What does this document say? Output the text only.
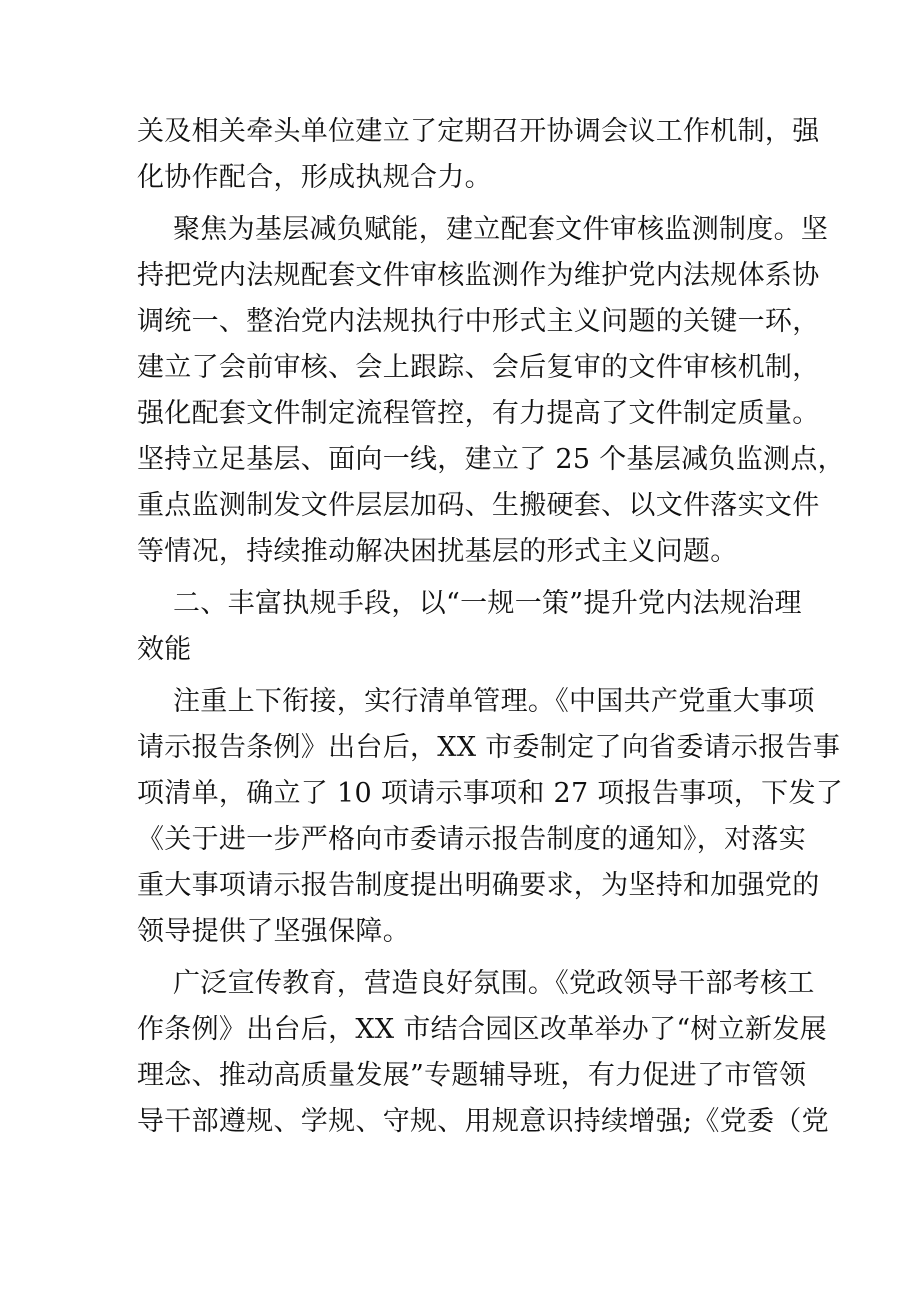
关及相关牵头单位建立了定期召开协调会议工作机制，强
化协作配合，形成执规合力。
聚焦为基层减负赋能，建立配套文件审核监测制度。坚
持把党内法规配套文件审核监测作为维护党内法规体系协
调统一、整治党内法规执行中形式主义问题的关键一环，
建立了会前审核、会上跟踪、会后复审的文件审核机制，
强化配套文件制定流程管控，有力提高了文件制定质量。
坚持立足基层、面向一线，建立了 25 个基层减负监测点，
重点监测制发文件层层加码、生搬硬套、以文件落实文件
等情况，持续推动解决困扰基层的形式主义问题。
二、丰富执规手段，以“一规一策”提升党内法规治理
效能
注重上下衔接，实行清单管理。《中国共产党重大事项
请示报告条例》出台后，XX 市委制定了向省委请示报告事
项清单，确立了 10 项请示事项和 27 项报告事项，下发了
《关于进一步严格向市委请示报告制度的通知》，对落实
重大事项请示报告制度提出明确要求，为坚持和加强党的
领导提供了坚强保障。
广泛宣传教育，营造良好氛围。《党政领导干部考核工
作条例》出台后，XX 市结合园区改革举办了“树立新发展
理念、推动高质量发展”专题辅导班，有力促进了市管领
导干部遵规、学规、守规、用规意识持续增强;《党委（党
